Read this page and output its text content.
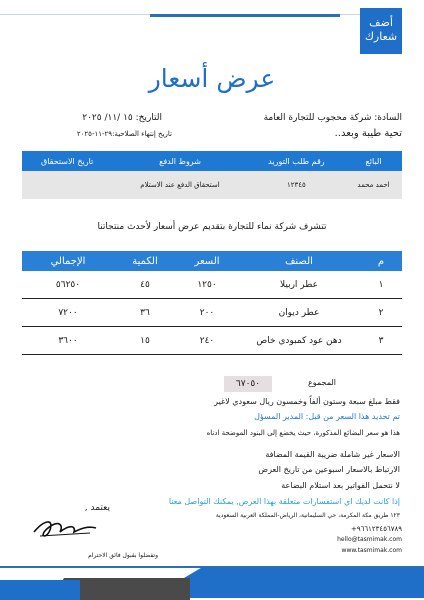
أضف شعارك
عرض أسعار
السادة: شركة محجوب للتجارة العامة
التاريخ: ١٥ /١١/ ٢٠٢٥
تاريخ إنتهاء الصلاحية:٢٩-١١-٢٠٢٥	تحية طيبة وبعد..
البائع	رقم طلب التوريد	شروط الدفع	تاريخ الاستحقاق
احمد محمد	١٢٣٤٥	استحقاق الدفع عند الاستلام	
تتشرف شركة نماء للتجارة بتقديم عرض أسعار لأحدث منتجاتنا
م	الصنف	السعر	الكمية	الإجمالي
١	عطر اربيلا	١٢٥٠	٤٥	٥٦٢٥٠
٢	عطر ديوان	٢٠٠	٣٦	٧٢٠٠
٣	دهن عود كمبودي خاص	٢٤٠	١٥	٣٦٠٠
المجموع
٦٧٠٥٠
فقط مبلغ سبعة وستون ألفاً وخمسون ريال سعودي لاغير
تم تحديد هذا السعر من قبل: المدير المسؤل
هذا هو سعر البضائع المذكورة، حيث يخضع إلى البنود الموضحة ادناه
الاسعار غير شاملة ضريبة القيمة المضافة
الارتباط بالاسعار اسبوعين من تاريخ العرض
لا نتحمل الفواتير بعد استلام البضاعة
إذا كانت لديك اي استفسارات متعلقة بهذا العرض, يمكنك التواصل معنا
١٢٣ طريق مكة المكرمة، حي السليمانية، الرياض-المملكة العربية السعودية
+٩٦٦١٢٣٤٥٦٧٨٩
hello@tasmimak.com
www.tasmimak.com
يعتمد ,
وتفضلوا بقبول فائق الاحترام
